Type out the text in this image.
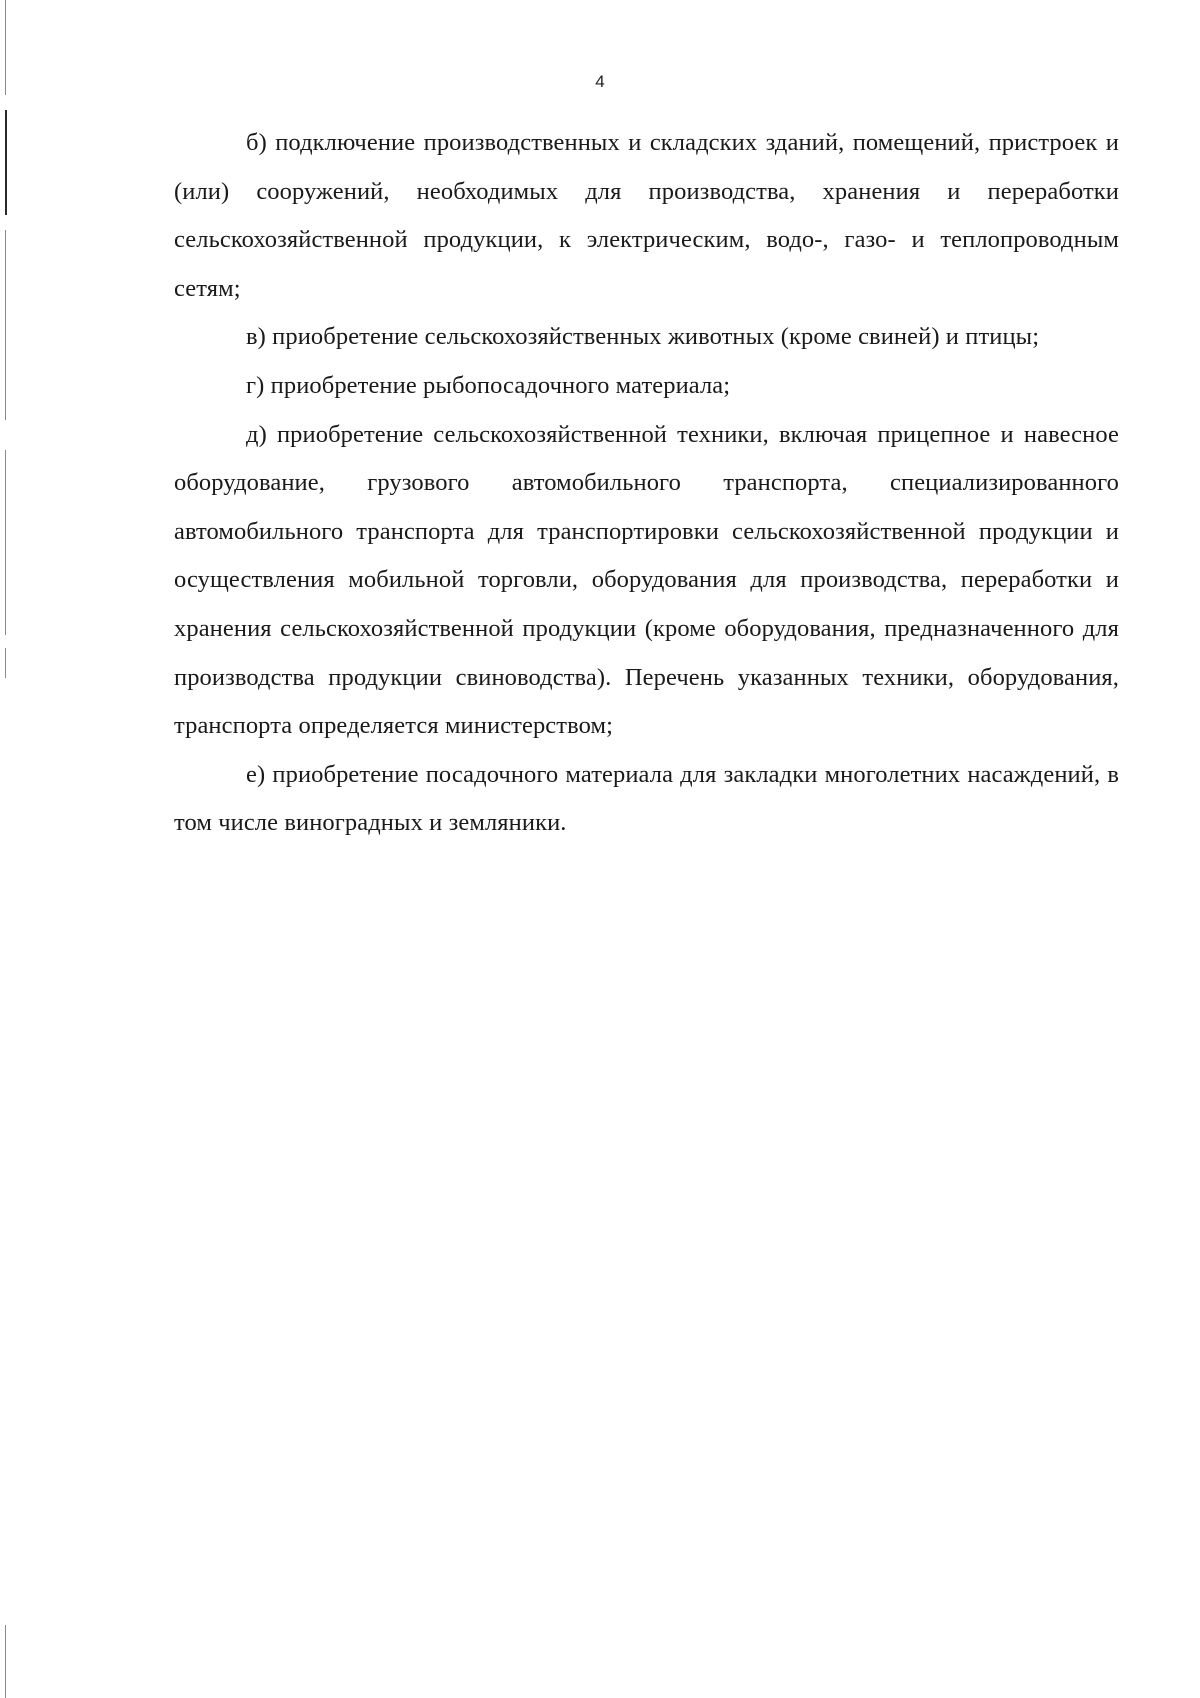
4

б) подключение производственных и складских зданий, помещений, пристроек и (или) сооружений, необходимых для производства, хранения и переработки сельскохозяйственной продукции, к электрическим, водо-, газо- и теплопроводным сетям;

в) приобретение сельскохозяйственных животных (кроме свиней) и птицы;

г) приобретение рыбопосадочного материала;

д) приобретение сельскохозяйственной техники, включая прицепное и навесное оборудование, грузового автомобильного транспорта, специализированного автомобильного транспорта для транспортировки сельскохозяйственной продукции и осуществления мобильной торговли, оборудования для производства, переработки и хранения сельскохозяйственной продукции (кроме оборудования, предназначенного для производства продукции свиноводства). Перечень указанных техники, оборудования, транспорта определяется министерством;

е) приобретение посадочного материала для закладки многолетних насаждений, в том числе виноградных и земляники.
